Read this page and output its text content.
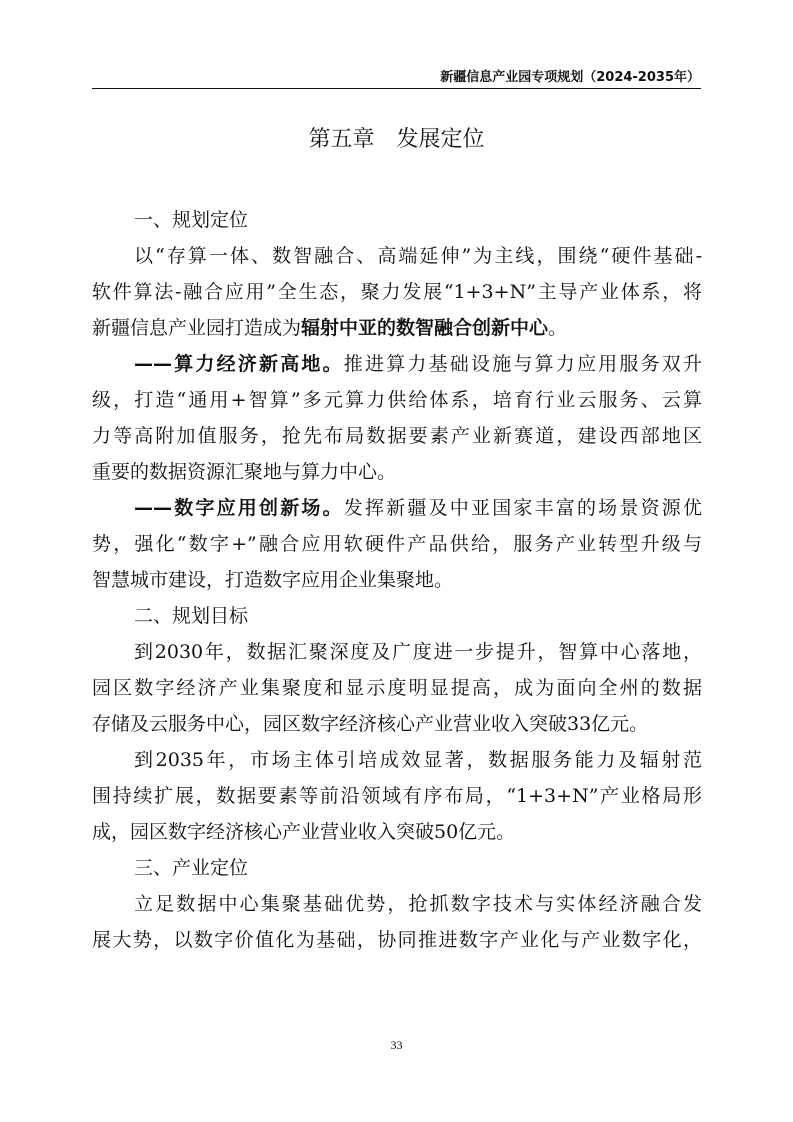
新疆信息产业园专项规划（2024-2035年）
第五章　发展定位
一、规划定位
以“存算一体、数智融合、高端延伸”为主线，围绕“硬件基础-
软件算法-融合应用”全生态，聚力发展“1+3+N”主导产业体系，将
新疆信息产业园打造成为辐射中亚的数智融合创新中心。
——算力经济新高地。推进算力基础设施与算力应用服务双升
级，打造“通用+智算”多元算力供给体系，培育行业云服务、云算
力等高附加值服务，抢先布局数据要素产业新赛道，建设西部地区
重要的数据资源汇聚地与算力中心。
——数字应用创新场。发挥新疆及中亚国家丰富的场景资源优
势，强化“数字+”融合应用软硬件产品供给，服务产业转型升级与
智慧城市建设，打造数字应用企业集聚地。
二、规划目标
到2030年，数据汇聚深度及广度进一步提升，智算中心落地，
园区数字经济产业集聚度和显示度明显提高，成为面向全州的数据
存储及云服务中心，园区数字经济核心产业营业收入突破33亿元。
到2035年，市场主体引培成效显著，数据服务能力及辐射范
围持续扩展，数据要素等前沿领域有序布局，“1+3+N”产业格局形
成，园区数字经济核心产业营业收入突破50亿元。
三、产业定位
立足数据中心集聚基础优势，抢抓数字技术与实体经济融合发
展大势，以数字价值化为基础，协同推进数字产业化与产业数字化，
33
